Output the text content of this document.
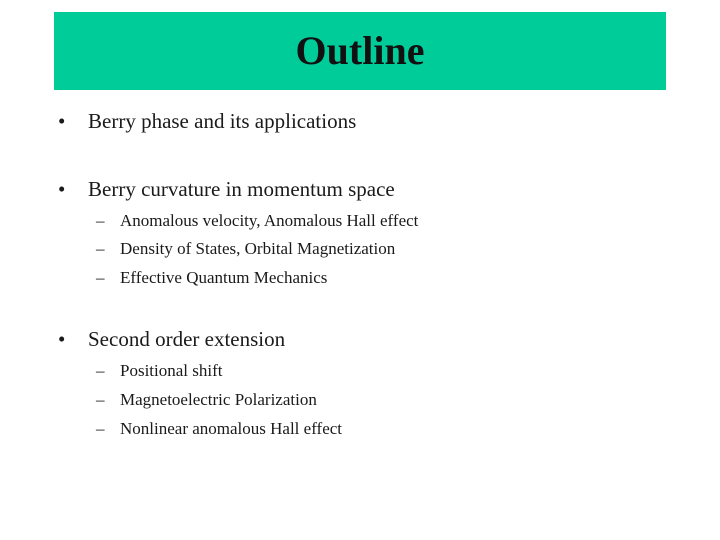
Outline
•	Berry phase and its applications
•	Berry curvature in momentum space
– Anomalous velocity, Anomalous Hall effect
– Density of States, Orbital Magnetization
– Effective Quantum Mechanics
•	Second order extension
– Positional shift
– Magnetoelectric Polarization
– Nonlinear anomalous Hall effect
